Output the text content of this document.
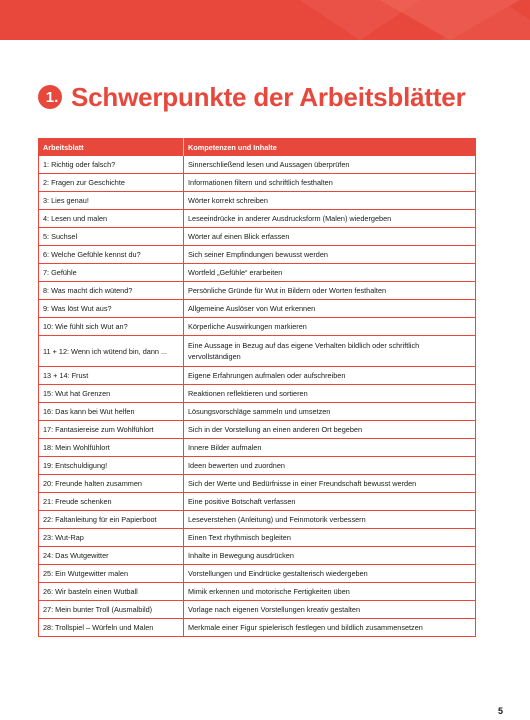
1. Schwerpunkte der Arbeitsblätter
Arbeitsblatt	Kompetenzen und Inhalte
1: Richtig oder falsch?	Sinnerschließend lesen und Aussagen überprüfen
2: Fragen zur Geschichte	Informationen filtern und schriftlich festhalten
3: Lies genau!	Wörter korrekt schreiben
4: Lesen und malen	Leseeindrücke in anderer Ausdrucksform (Malen) wiedergeben
5: Suchsel	Wörter auf einen Blick erfassen
6: Welche Gefühle kennst du?	Sich seiner Empfindungen bewusst werden
7: Gefühle	Wortfeld „Gefühle“ erarbeiten
8: Was macht dich wütend?	Persönliche Gründe für Wut in Bildern oder Worten festhalten
9: Was löst Wut aus?	Allgemeine Auslöser von Wut erkennen
10: Wie fühlt sich Wut an?	Körperliche Auswirkungen markieren
11 + 12: Wenn ich wütend bin, dann ...	Eine Aussage in Bezug auf das eigene Verhalten bildlich oder schriftlich vervollständigen
13 + 14: Frust	Eigene Erfahrungen aufmalen oder aufschreiben
15: Wut hat Grenzen	Reaktionen reflektieren und sortieren
16: Das kann bei Wut helfen	Lösungsvorschläge sammeln und umsetzen
17: Fantasiereise zum Wohlfühlort	Sich in der Vorstellung an einen anderen Ort begeben
18: Mein Wohlfühlort	Innere Bilder aufmalen
19: Entschuldigung!	Ideen bewerten und zuordnen
20: Freunde halten zusammen	Sich der Werte und Bedürfnisse in einer Freundschaft bewusst werden
21: Freude schenken	Eine positive Botschaft verfassen
22: Faltanleitung für ein Papierboot	Leseverstehen (Anleitung) und Feinmotorik verbessern
23: Wut-Rap	Einen Text rhythmisch begleiten
24: Das Wutgewitter	Inhalte in Bewegung ausdrücken
25: Ein Wutgewitter malen	Vorstellungen und Eindrücke gestalterisch wiedergeben
26: Wir basteln einen Wutball	Mimik erkennen und motorische Fertigkeiten üben
27: Mein bunter Troll (Ausmalbild)	Vorlage nach eigenen Vorstellungen kreativ gestalten
28: Trollspiel – Würfeln und Malen	Merkmale einer Figur spielerisch festlegen und bildlich zusammensetzen
5
